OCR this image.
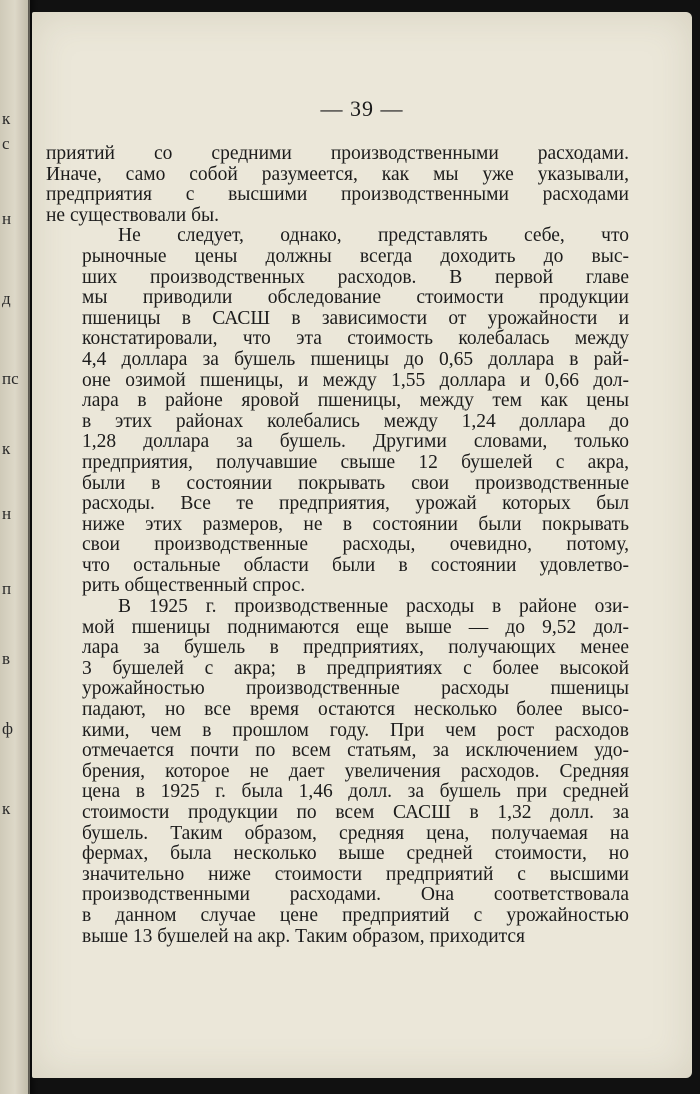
к
с
н
д
пс
к
н
п
в
ф
к
— 39 —

приятий со средними производственными расходами.
Иначе, само собой разумеется, как мы уже указывали,
предприятия с высшими производственными расходами
не существовали бы.

Не следует, однако, представлять себе, что
рыночные цены должны всегда доходить до выс-
ших производственных расходов. В первой главе
мы приводили обследование стоимости продукции
пшеницы в САСШ в зависимости от урожайности и
констатировали, что эта стоимость колебалась между
4,4 доллара за бушель пшеницы до 0,65 доллара в рай-
оне озимой пшеницы, и между 1,55 доллара и 0,66 дол-
лара в районе яровой пшеницы, между тем как цены
в этих районах колебались между 1,24 доллара до
1,28 доллара за бушель. Другими словами, только
предприятия, получавшие свыше 12 бушелей с акра,
были в состоянии покрывать свои производственные
расходы. Все те предприятия, урожай которых был
ниже этих размеров, не в состоянии были покрывать
свои производственные расходы, очевидно, потому,
что остальные области были в состоянии удовлетво-
рить общественный спрос.

В 1925 г. производственные расходы в районе ози-
мой пшеницы поднимаются еще выше — до 9,52 дол-
лара за бушель в предприятиях, получающих менее
3 бушелей с акра; в предприятиях с более высокой
урожайностью производственные расходы пшеницы
падают, но все время остаются несколько более высо-
кими, чем в прошлом году. При чем рост расходов
отмечается почти по всем статьям, за исключением удо-
брения, которое не дает увеличения расходов. Средняя
цена в 1925 г. была 1,46 долл. за бушель при средней
стоимости продукции по всем САСШ в 1,32 долл. за
бушель. Таким образом, средняя цена, получаемая на
фермах, была несколько выше средней стоимости, но
значительно ниже стоимости предприятий с высшими
производственными расходами. Она соответствовала
в данном случае цене предприятий с урожайностью
выше 13 бушелей на акр. Таким образом, приходится
